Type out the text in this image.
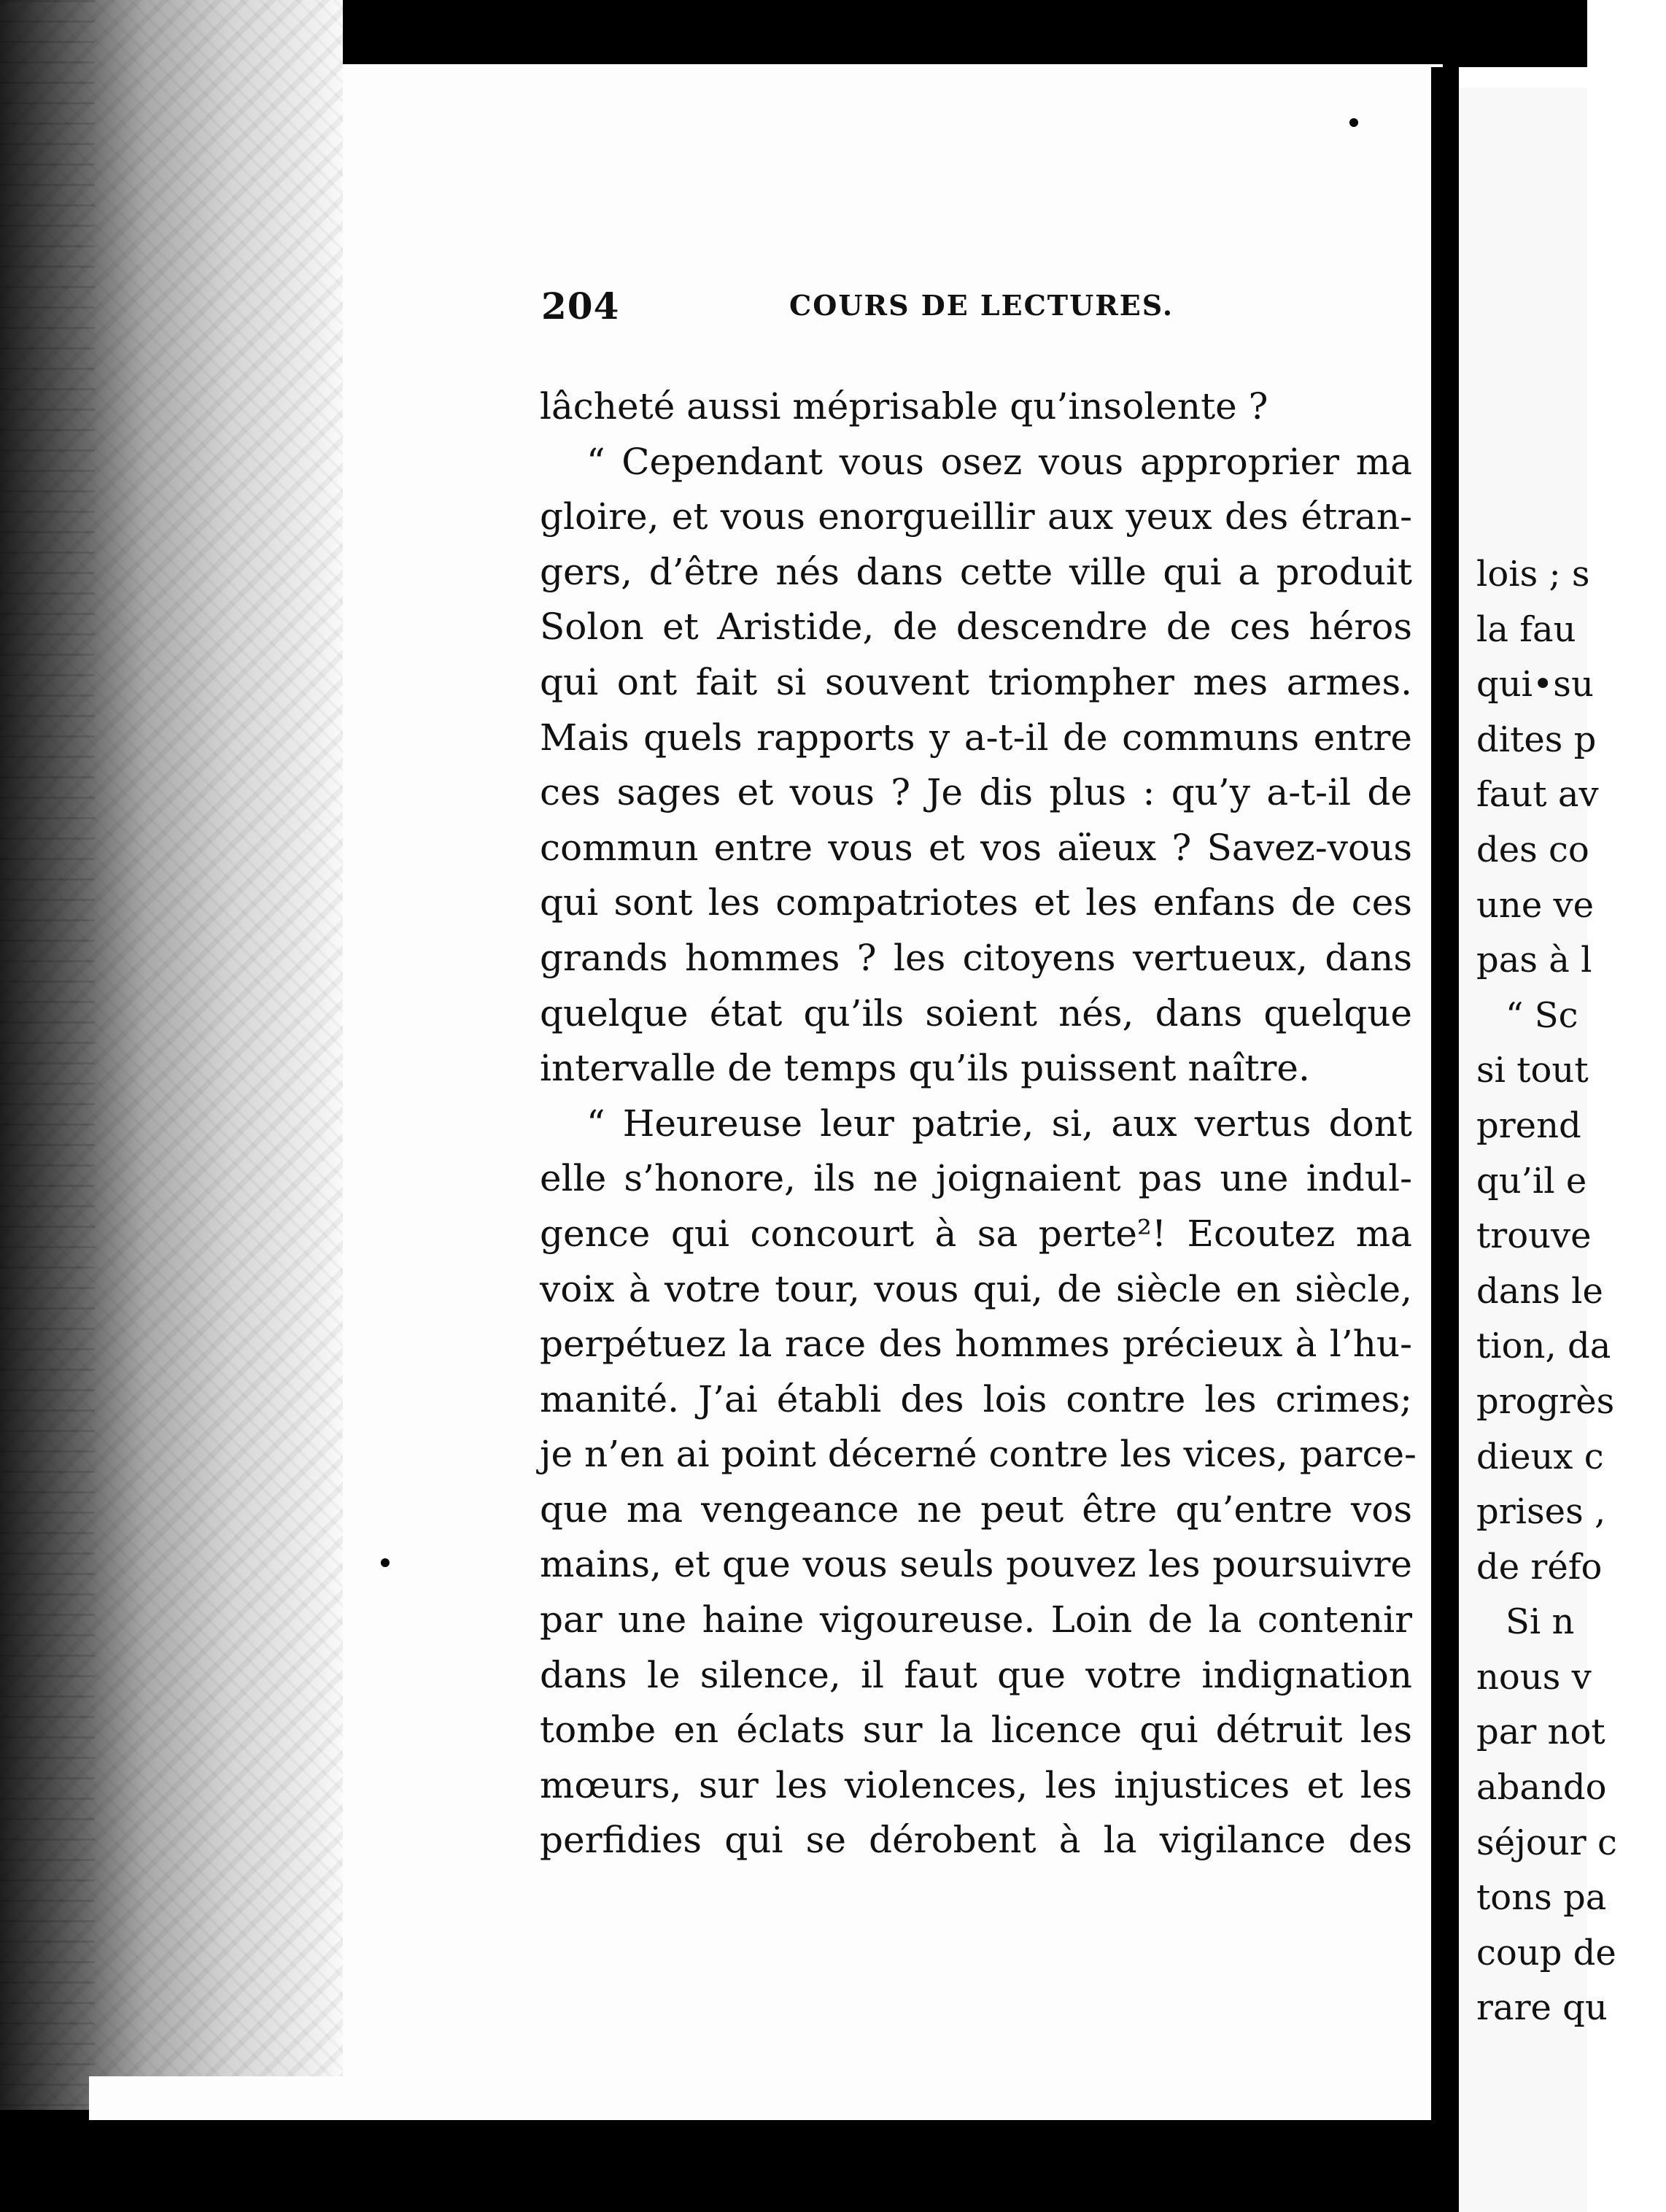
lois ; s
la fau
qui•su
dites p
faut av
des co
une ve
pas à l
“ Sc
si tout
prend
qu’il e
trouve
dans le
tion, da
progrès
dieux c
prises ,
de réfo
Si n
nous v
par not
abando
séjour c
tons pa
coup de
rare qu
204	COURS DE LECTURES.
lâcheté aussi méprisable qu’insolente ?
“ Cependant vous osez vous approprier ma
gloire, et vous enorgueillir aux yeux des étran-
gers, d’être nés dans cette ville qui a produit
Solon et Aristide, de descendre de ces héros
qui ont fait si souvent triompher mes armes.
Mais quels rapports y a-t-il de communs entre
ces sages et vous ? Je dis plus : qu’y a-t-il de
commun entre vous et vos aïeux ? Savez-vous
qui sont les compatriotes et les enfans de ces
grands hommes ? les citoyens vertueux, dans
quelque état qu’ils soient nés, dans quelque
intervalle de temps qu’ils puissent naître.
“ Heureuse leur patrie, si, aux vertus dont
elle s’honore, ils ne joignaient pas une indul-
gence qui concourt à sa perte²! Ecoutez ma
voix à votre tour, vous qui, de siècle en siècle,
perpétuez la race des hommes précieux à l’hu-
manité. J’ai établi des lois contre les crimes;
je n’en ai point décerné contre les vices, parce-
que ma vengeance ne peut être qu’entre vos
mains, et que vous seuls pouvez les poursuivre
par une haine vigoureuse. Loin de la contenir
dans le silence, il faut que votre indignation
tombe en éclats sur la licence qui détruit les
mœurs, sur les violences, les injustices et les
perfidies qui se dérobent à la vigilance des
